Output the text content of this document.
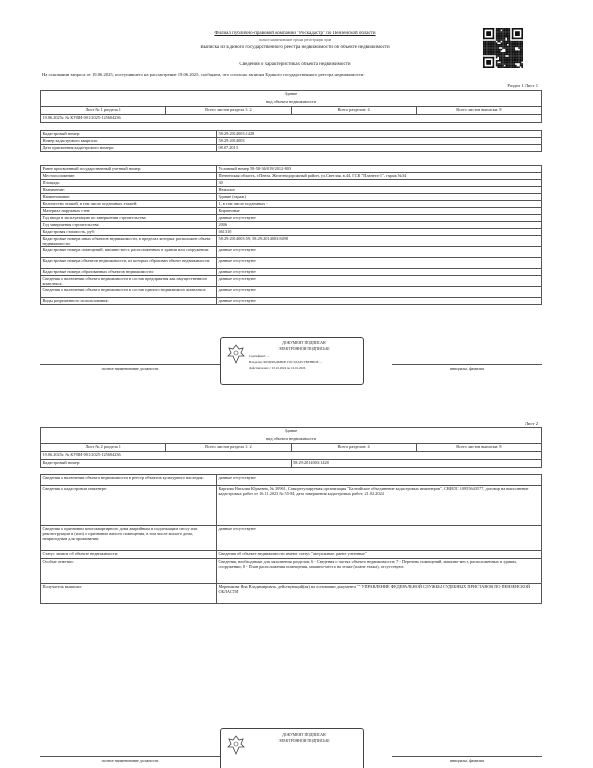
Филиал публично-правовой компании "Роскадастр" по Пензенской области
полное наименование органа регистрации прав
Выписка из Единого государственного реестра недвижимости об объекте недвижимости
Сведения о характеристиках объекта недвижимости
На основании запроса от 19.06.2025, поступившего на рассмотрение 19.06.2025, сообщаем, что согласно записям Единого государственного реестра недвижимости:
Раздел 1 Лист 1
Здание
вид объекта недвижимости
Лист № 1 раздела 1	Всего листов раздела 1: 2	Всего разделов: 4	Всего листов выписки: 8
19.06.2025г. № КУВИ-001/2025-125604236
Кадастровый номер:	58:29:2014003:1428
Номер кадастрового квартала:	58:29:2014003
Дата присвоения кадастрового номера:	08.07.2013
Ранее присвоенный государственный учетный номер:	Условный номер 58-58-36/019/2012-803
Местоположение:	Пензенская область, г.Пенза, Железнодорожный район, ул.Светлая, в.44, ГСК "Планета-1", гараж №34
Площадь:	30
Назначение:	Нежилое
Наименование:	Здание (гараж)
Количество этажей, в том числе подземных этажей:	1, в том числе подземных -
Материал наружных стен:	Кирпичные
Год ввода в эксплуатацию по завершении строительства:	данные отсутствуют
Год завершения строительства:	2006
Кадастровая стоимость, руб:	461310
Кадастровые номера иных объектов недвижимости, в пределах которых расположен объект недвижимости:	58:29:2014003:59, 58:29:2014003:8498
Кадастровые номера помещений, машино-мест, расположенных в здании или сооружении:	данные отсутствуют
Кадастровые номера объектов недвижимости, из которых образован объект недвижимости:	данные отсутствуют
Кадастровые номера образованных объектов недвижимости:	данные отсутствуют
Сведения о включении объекта недвижимости в состав предприятия как имущественного комплекса:	данные отсутствуют
Сведения о включении объекта недвижимости в состав единого недвижимого комплекса:	данные отсутствуют
Виды разрешенного использования:	данные отсутствуют
полное наименование должности	инициалы, фамилия
ДОКУМЕНТ ПОДПИСАН
ЭЛЕКТРОННОЙ ПОДПИСЬЮ
Сертификат: ...
Владелец: ФЕДЕРАЛЬНОЕ ГОСУДАРСТВЕННОЕ ...
Действителен: с 23.10.2024 по 16.01.2026
Лист 2
Здание			
вид объекта недвижимости			
Лист № 2 раздела 1	Всего листов раздела 1: 2	Всего разделов: 4	Всего листов выписки: 8
19.06.2025г. № КУВИ-001/2025-125604236			
Кадастровый номер:		58:29:2014003:1428	
Сведения о включении объекта недвижимости в реестр объектов культурного наследия:	данные отсутствуют
Сведения о кадастровом инженере:	Карпова Наталия Юрьевна, № 30961, Саморегулируемая организация "Балтийское объединение кадастровых инженеров", СНИЛС 10955643577, договор на выполнение кадастровых работ от 16.11.2023 № 55-М, дата завершения кадастровых работ: 21.02.2024
Сведения о признании многоквартирного дома аварийным и подлежащим сносу или реконструкции и (или) о признании жилого помещения, в том числе жилого дома, непригодным для проживания:	данные отсутствуют
Статус записи об объекте недвижимости:	Сведения об объекте недвижимости имеют статус "актуальные, ранее учтенные"
Особые отметки:	Сведения, необходимые для заполнения разделов: 6 - Сведения о частях объекта недвижимости; 7 - Перечень помещений, машино-мест, расположенных в здании, сооружении; 8 - План расположения помещения, машино-места на этаже (плане этажа), отсутствуют.
Получатель выписки:	Мерешкова Яна Владимировна, действующий(ая) на основании документа "" УПРАВЛЕНИЕ ФЕДЕРАЛЬНОЙ СЛУЖБЫ СУДЕБНЫХ ПРИСТАВОВ ПО ПЕНЗЕНСКОЙ ОБЛАСТИ
полное наименование должности	инициалы, фамилия
ДОКУМЕНТ ПОДПИСАН
ЭЛЕКТРОННОЙ ПОДПИСЬЮ
